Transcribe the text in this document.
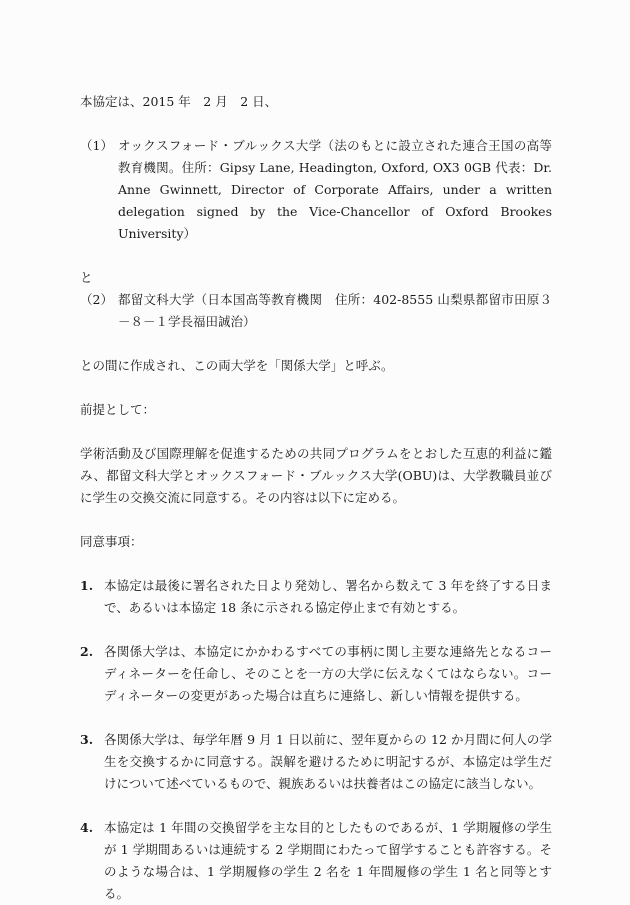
本協定は、2015 年　2 月　2 日、

（1） オックスフォード・ブルックス大学（法のもとに設立された連合王国の高等教育機関。住所：Gipsy Lane, Headington, Oxford, OX3 0GB 代表：Dr. Anne Gwinnett, Director of Corporate Affairs, under a written delegation signed by the Vice-Chancellor of Oxford Brookes University）

と

（2） 都留文科大学（日本国高等教育機関　住所：402-8555 山梨県都留市田原３－８－１学長福田誠治）

との間に作成され、この両大学を「関係大学」と呼ぶ。

前提として：

学術活動及び国際理解を促進するための共同プログラムをとおした互恵的利益に鑑み、都留文科大学とオックスフォード・ブルックス大学(OBU)は、大学教職員並びに学生の交換交流に同意する。その内容は以下に定める。

同意事項：

1. 本協定は最後に署名された日より発効し、署名から数えて 3 年を終了する日まで、あるいは本協定 18 条に示される協定停止まで有効とする。
2. 各関係大学は、本協定にかかわるすべての事柄に関し主要な連絡先となるコーディネーターを任命し、そのことを一方の大学に伝えなくてはならない。コーディネーターの変更があった場合は直ちに連絡し、新しい情報を提供する。
3. 各関係大学は、毎学年暦 9 月 1 日以前に、翌年夏からの 12 か月間に何人の学生を交換するかに同意する。誤解を避けるために明記するが、本協定は学生だけについて述べているもので、親族あるいは扶養者はこの協定に該当しない。
4. 本協定は 1 年間の交換留学を主な目的としたものであるが、1 学期履修の学生が 1 学期間あるいは連続する 2 学期間にわたって留学することも許容する。そのような場合は、1 学期履修の学生 2 名を 1 年間履修の学生 1 名と同等とする。
